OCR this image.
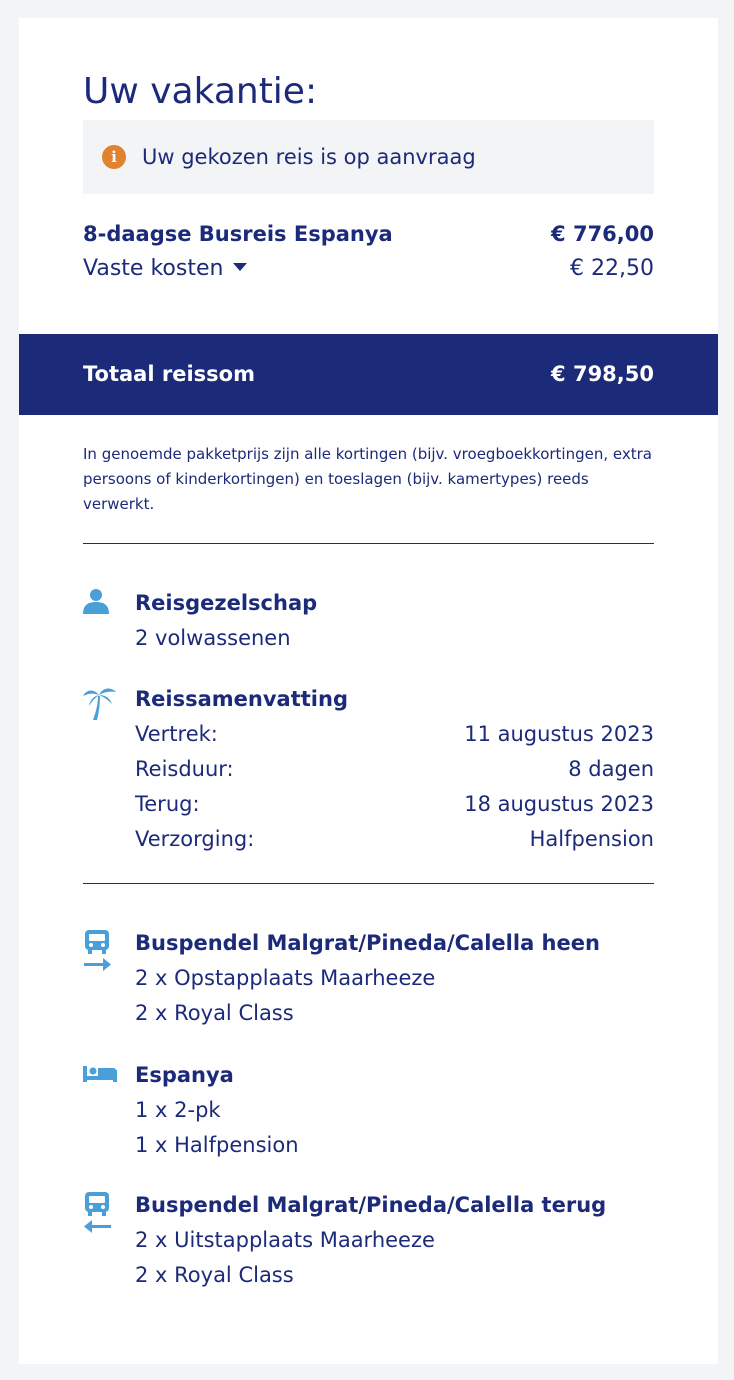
Uw vakantie:
i	Uw gekozen reis is op aanvraag
8-daagse Busreis Espanya	€ 776,00
Vaste kosten	€ 22,50
Totaal reissom	€ 798,50
In genoemde pakketprijs zijn alle kortingen (bijv. vroegboekkortingen, extra persoons of kinderkortingen) en toeslagen (bijv. kamertypes) reeds verwerkt.
Reisgezelschap
2 volwassenen
Reissamenvatting
Vertrek:	11 augustus 2023
Reisduur:	8 dagen
Terug:	18 augustus 2023
Verzorging:	Halfpension
Buspendel Malgrat/Pineda/Calella heen
2 x Opstapplaats Maarheeze
2 x Royal Class
Espanya
1 x 2-pk
1 x Halfpension
Buspendel Malgrat/Pineda/Calella terug
2 x Uitstapplaats Maarheeze
2 x Royal Class
